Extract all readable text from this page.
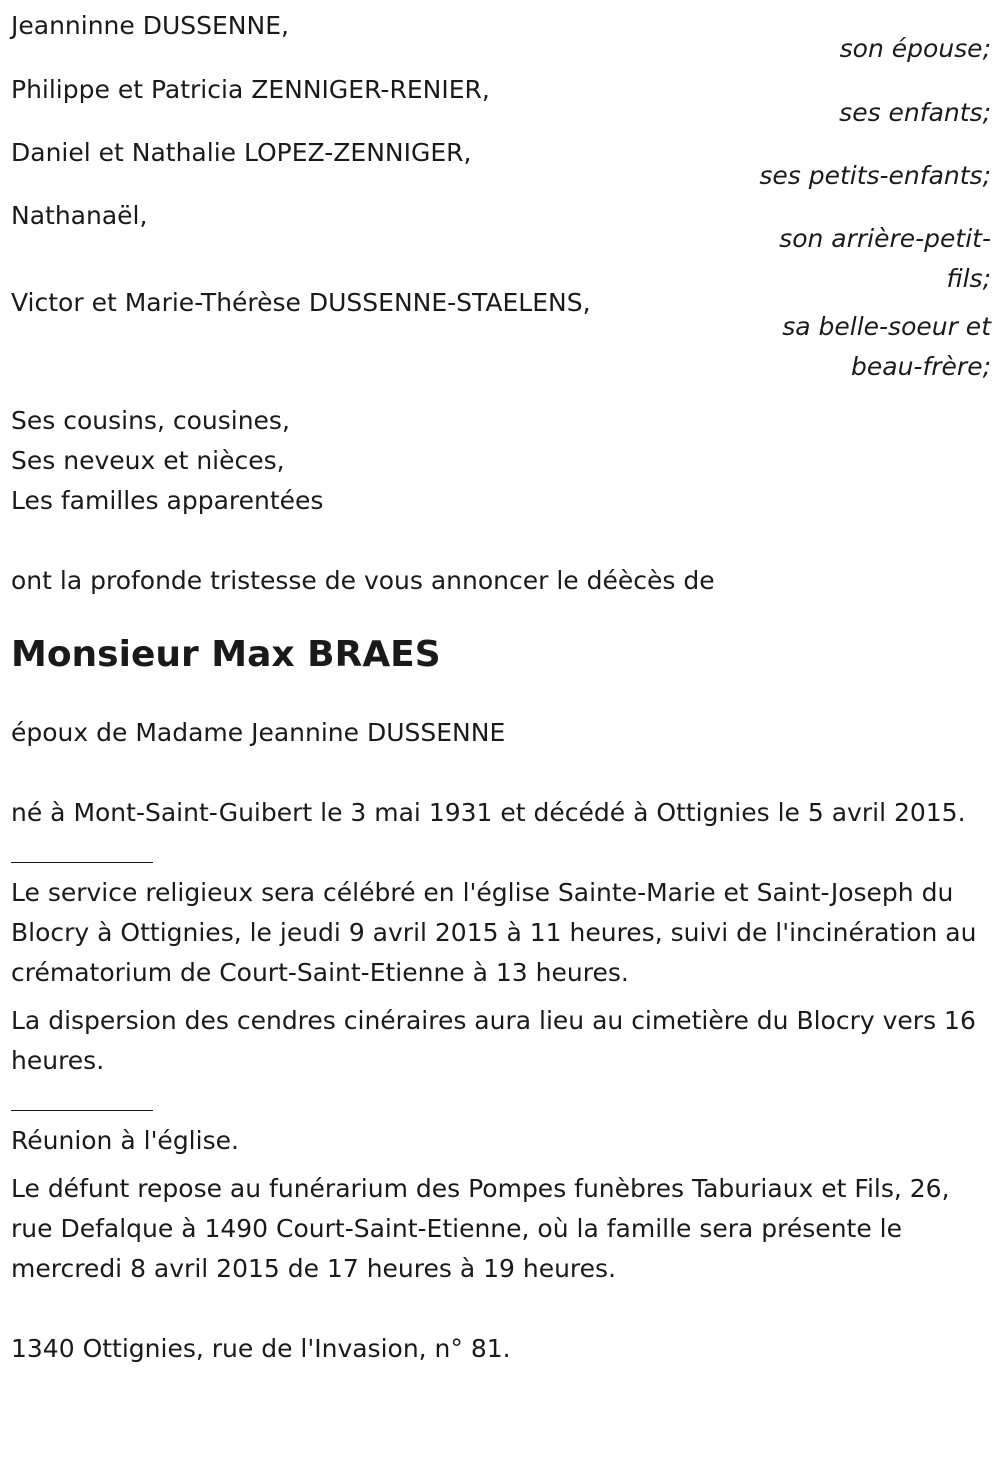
Jeanninne DUSSENNE,
son épouse;
Philippe et Patricia ZENNIGER-RENIER,
ses enfants;
Daniel et Nathalie LOPEZ-ZENNIGER,
ses petits-enfants;
Nathanaël,
son arrière-petit-fils;
Victor et Marie-Thérèse DUSSENNE-STAELENS,
sa belle-soeur et beau-frère;
Ses cousins, cousines,
Ses neveux et nièces,
Les familles apparentées
ont la profonde tristesse de vous annoncer le déècès de
Monsieur Max BRAES
époux de Madame Jeannine DUSSENNE
né à Mont-Saint-Guibert le 3 mai 1931 et décédé à Ottignies le 5 avril 2015.
Le service religieux sera célébré en l'église Sainte-Marie et Saint-Joseph du Blocry à Ottignies, le jeudi 9 avril 2015 à 11 heures, suivi de l'incinération au crématorium de Court-Saint-Etienne à 13 heures.
La dispersion des cendres cinéraires aura lieu au cimetière du Blocry vers 16 heures.
Réunion à l'église.
Le défunt repose au funérarium des Pompes funèbres Taburiaux et Fils, 26, rue Defalque à 1490 Court-Saint-Etienne, où la famille sera présente le mercredi 8 avril 2015 de 17 heures à 19 heures.
1340 Ottignies, rue de l'Invasion, n° 81.
